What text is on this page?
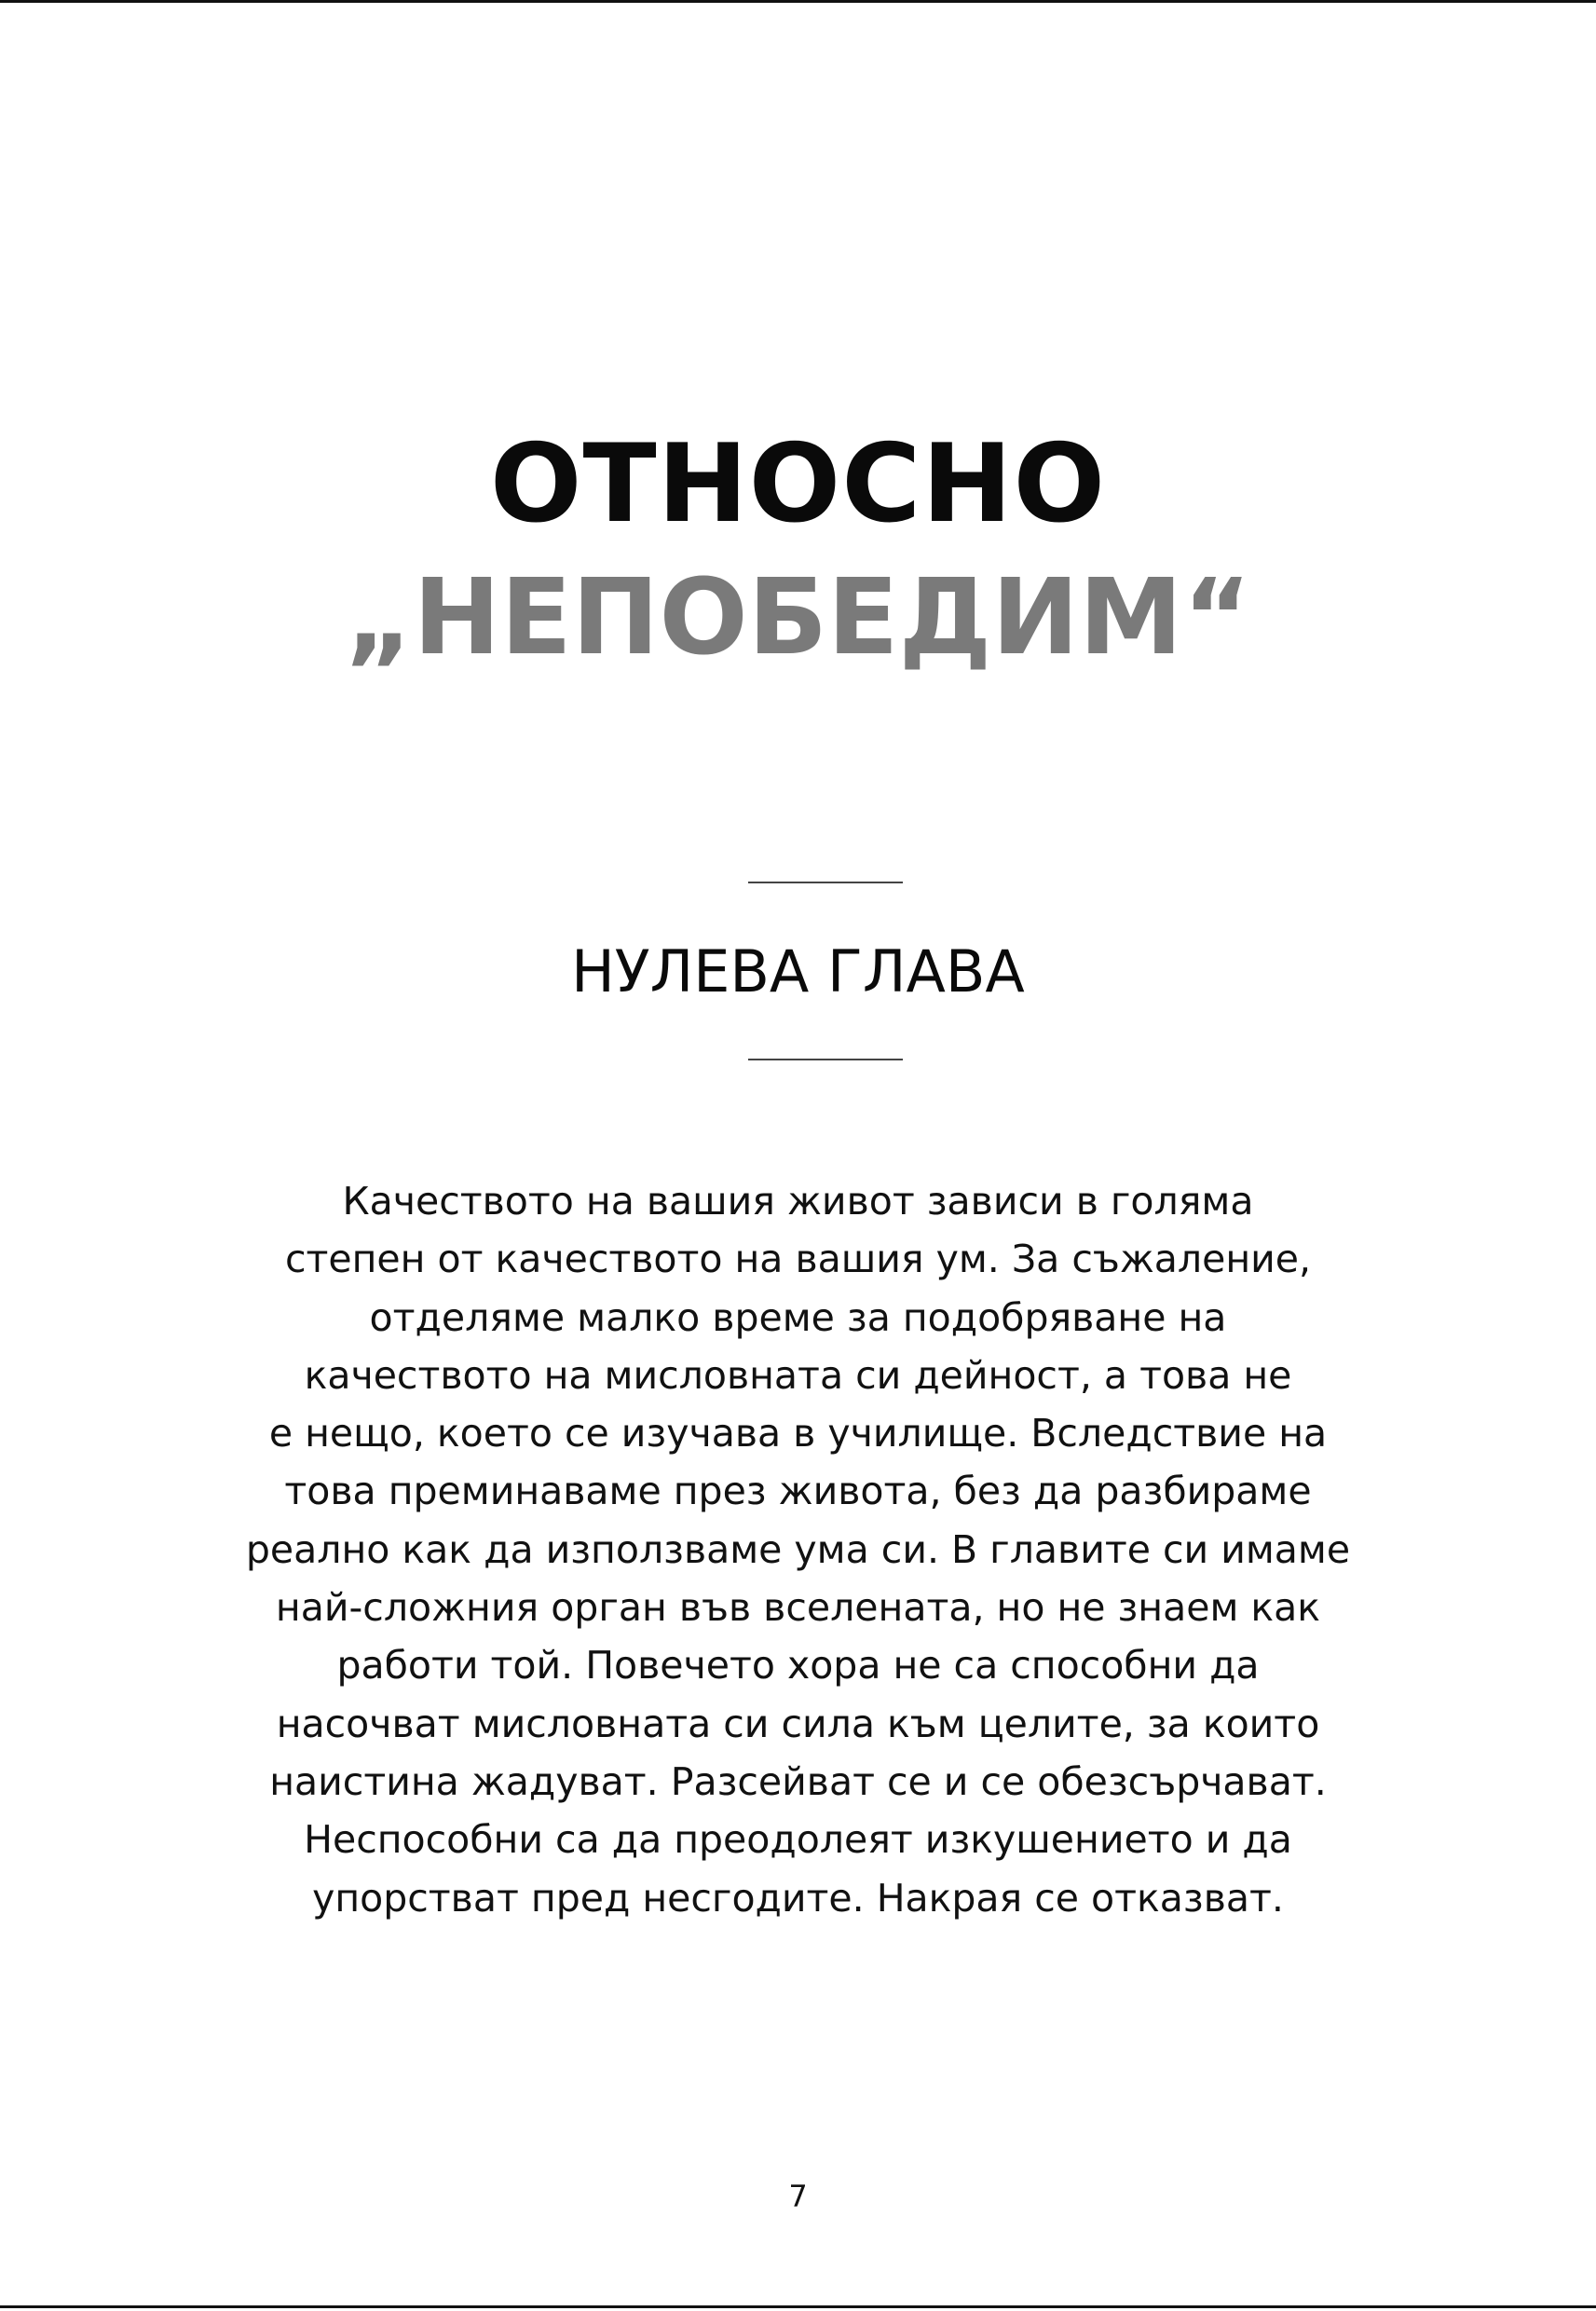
ОТНОСНО
„НЕПОБЕДИМ“
НУЛЕВА ГЛАВА
Качеството на вашия живот зависи в голяма
степен от качеството на вашия ум. За съжаление,
отделяме малко време за подобряване на
качеството на мисловната си дейност, а това не
е нещо, което се изучава в училище. Вследствие на
това преминаваме през живота, без да разбираме
реално как да използваме ума си. В главите си имаме
най-сложния орган във вселената, но не знаем как
работи той. Повечето хора не са способни да
насочват мисловната си сила към целите, за които
наистина жадуват. Разсейват се и се обезсърчават.
Неспособни са да преодолеят изкушението и да
упорстват пред несгодите. Накрая се отказват.
7
